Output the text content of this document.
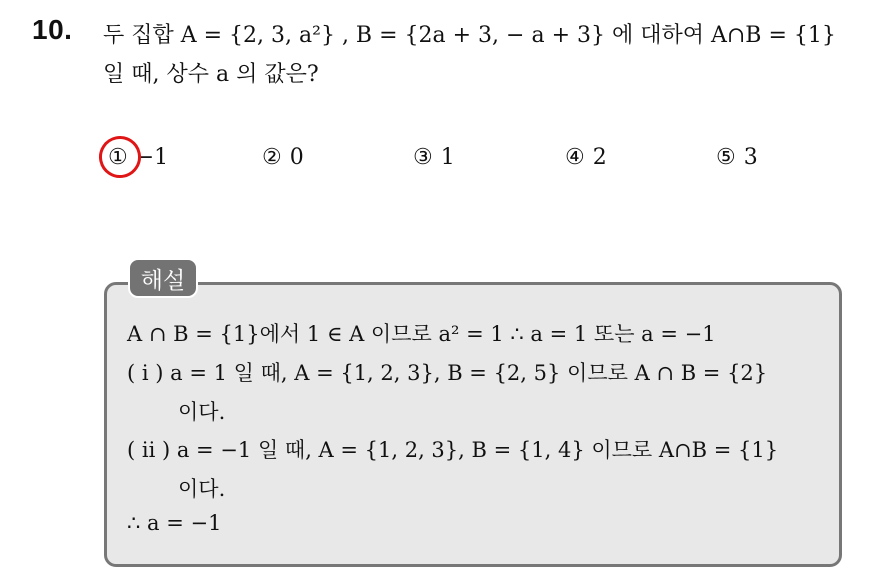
10. 두 집합 A = {2, 3, a²} , B = {2a + 3, − a + 3} 에 대하여 A∩B = {1}
일 때, 상수 a 의 값은?
① −1	② 0	③ 1	④ 2	⑤ 3
해설
A ∩ B = {1}에서 1 ∈ A 이므로 a² = 1 ∴ a = 1 또는 a = −1
( i ) a = 1 일 때, A = {1, 2, 3}, B = {2, 5} 이므로 A ∩ B = {2}
이다.
( ii ) a = −1 일 때, A = {1, 2, 3}, B = {1, 4} 이므로 A∩B = {1}
이다.
∴ a = −1
